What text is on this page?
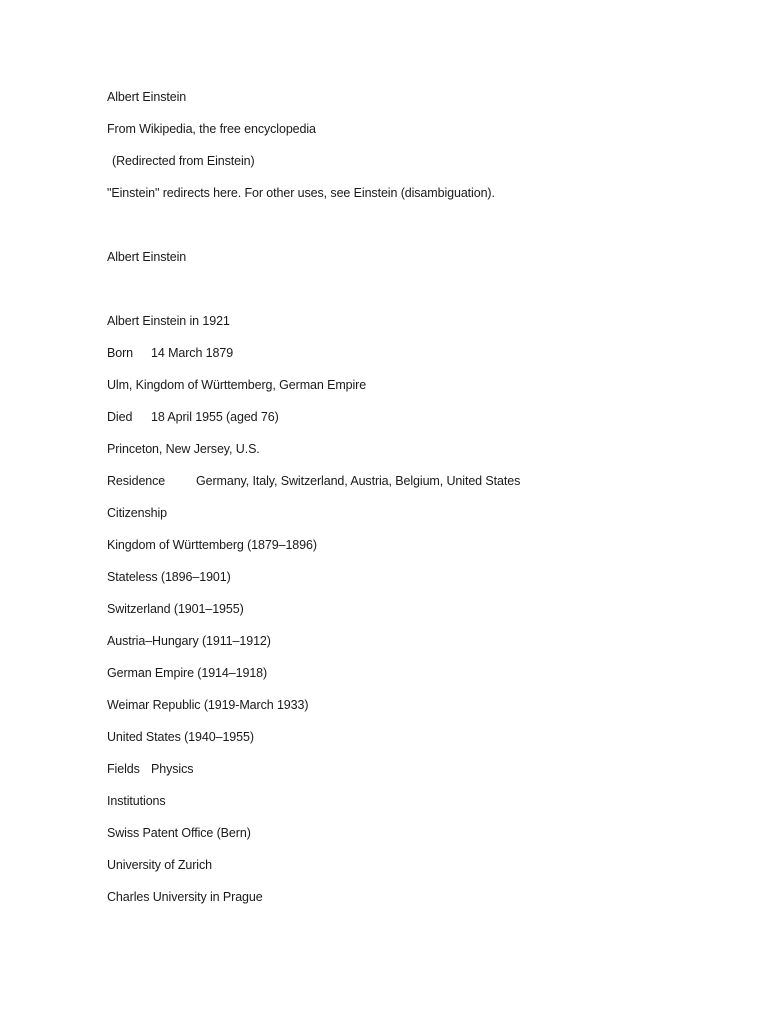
Albert Einstein
From Wikipedia, the free encyclopedia
(Redirected from Einstein)
"Einstein" redirects here. For other uses, see Einstein (disambiguation).
Albert Einstein
Albert Einstein in 1921
Born 14 March 1879
Ulm, Kingdom of Württemberg, German Empire
Died 18 April 1955 (aged 76)
Princeton, New Jersey, U.S.
Residence Germany, Italy, Switzerland, Austria, Belgium, United States
Citizenship
Kingdom of Württemberg (1879–1896)
Stateless (1896–1901)
Switzerland (1901–1955)
Austria–Hungary (1911–1912)
German Empire (1914–1918)
Weimar Republic (1919-March 1933)
United States (1940–1955)
Fields Physics
Institutions
Swiss Patent Office (Bern)
University of Zurich
Charles University in Prague
